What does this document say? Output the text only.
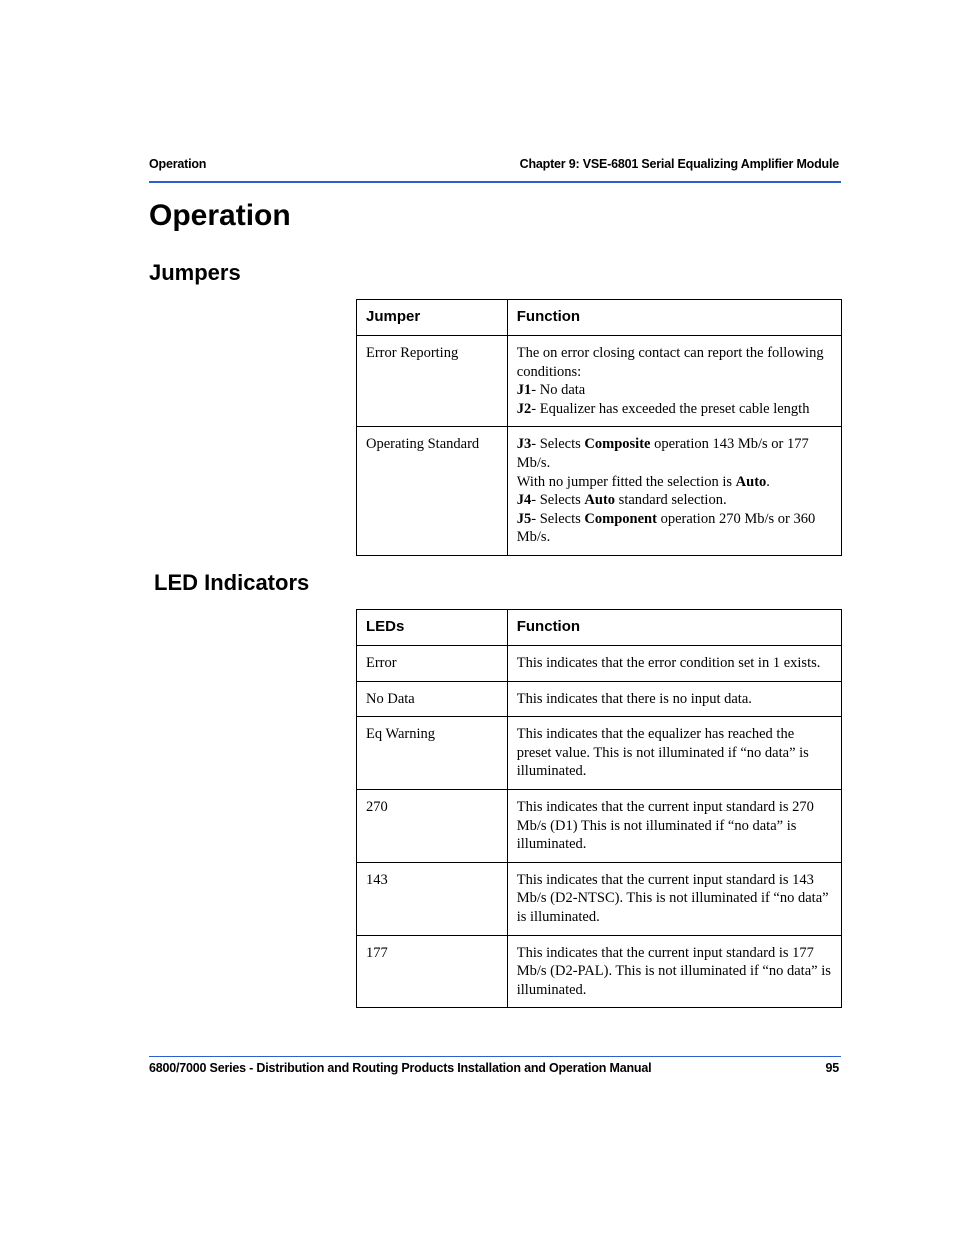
Operation	Chapter 9: VSE-6801 Serial Equalizing Amplifier Module
Operation
Jumpers
Jumper	Function
Error Reporting	The on error closing contact can report the following conditions:
J1- No data
J2- Equalizer has exceeded the preset cable length

Operating Standard	J3- Selects Composite operation 143 Mb/s or 177 Mb/s.
With no jumper fitted the selection is Auto.
J4- Selects Auto standard selection.
J5- Selects Component operation 270 Mb/s or 360 Mb/s.
LED Indicators
LEDs	Function
Error	This indicates that the error condition set in 1 exists.
No Data	This indicates that there is no input data.
Eq Warning	This indicates that the equalizer has reached the preset value. This is not illuminated if “no data” is illuminated.
270	This indicates that the current input standard is 270 Mb/s (D1) This is not illuminated if “no data” is illuminated.
143	This indicates that the current input standard is 143 Mb/s (D2-NTSC). This is not illuminated if “no data” is illuminated.
177	This indicates that the current input standard is 177 Mb/s (D2-PAL). This is not illuminated if “no data” is illuminated.
6800/7000 Series - Distribution and Routing Products Installation and Operation Manual	95
